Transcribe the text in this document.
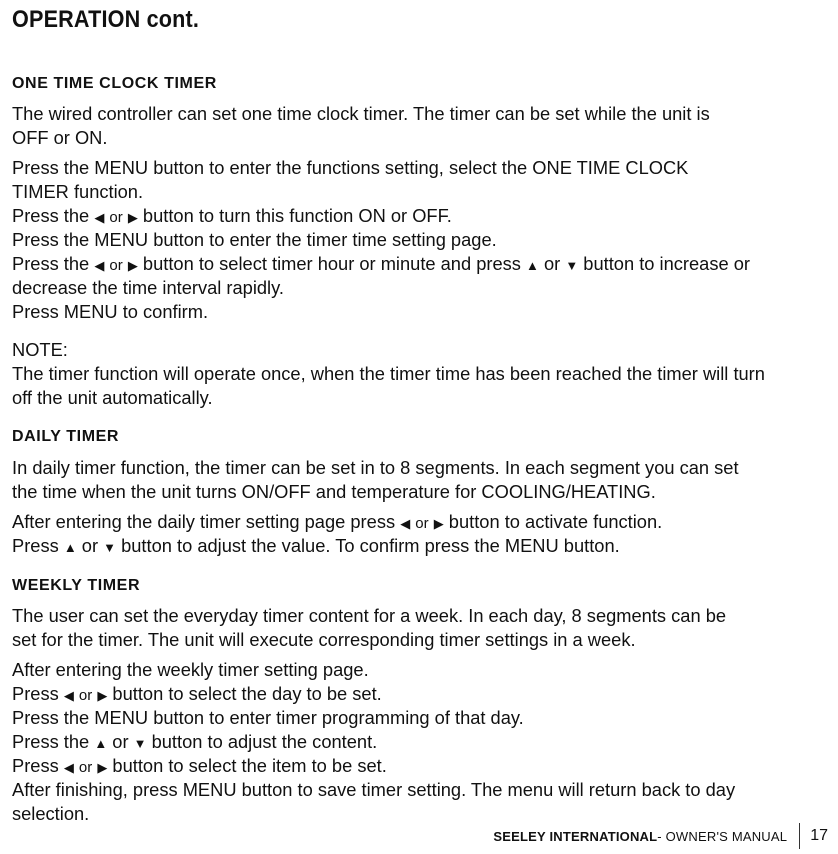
OPERATION cont.
ONE TIME CLOCK TIMER
The wired controller can set one time clock timer. The timer can be set while the unit is
OFF or ON.
Press the MENU button to enter the functions setting, select the ONE TIME CLOCK
TIMER function.
Press the ◀ or ▶ button to turn this function ON or OFF.
Press the MENU button to enter the timer time setting page.
Press the ◀ or ▶ button to select timer hour or minute and press ▲ or ▼ button to increase or
decrease the time interval rapidly.
Press MENU to confirm.
NOTE:
The timer function will operate once, when the timer time has been reached the timer will turn
off the unit automatically.
DAILY TIMER
In daily timer function, the timer can be set in to 8 segments. In each segment you can set
the time when the unit turns ON/OFF and temperature for COOLING/HEATING.
After entering the daily timer setting page press ◀ or ▶ button to activate function.
Press ▲ or ▼ button to adjust the value. To confirm press the MENU button.
WEEKLY TIMER
The user can set the everyday timer content for a week. In each day, 8 segments can be
set for the timer. The unit will execute corresponding timer settings in a week.
After entering the weekly timer setting page.
Press ◀ or ▶ button to select the day to be set.
Press the MENU button to enter timer programming of that day.
Press the ▲ or ▼ button to adjust the content.
Press ◀ or ▶ button to select the item to be set.
After finishing, press MENU button to save timer setting. The menu will return back to day
selection.
SEELEY INTERNATIONAL - OWNER'S MANUAL 17
